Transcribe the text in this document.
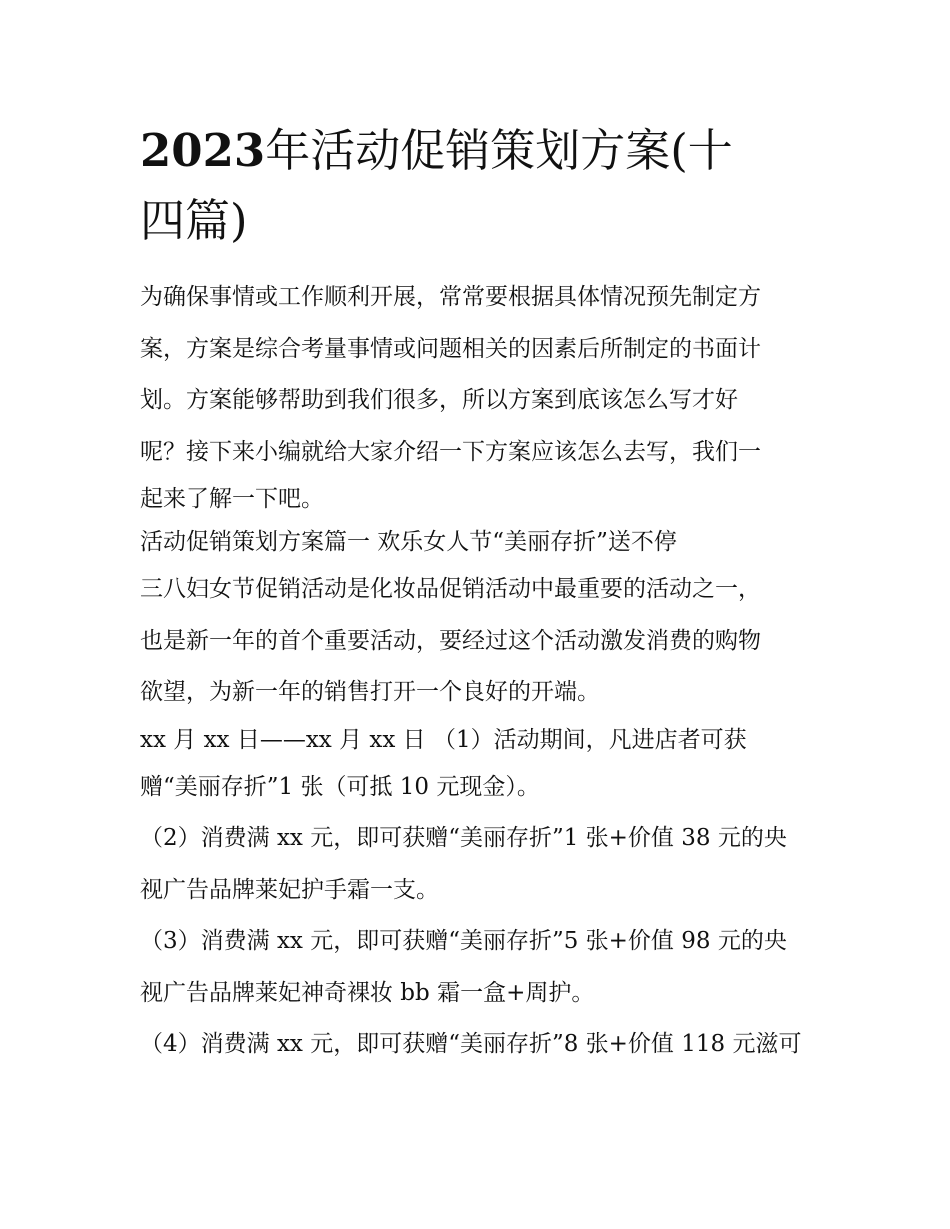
2023年活动促销策划方案(十
四篇)
为确保事情或工作顺利开展，常常要根据具体情况预先制定方
案，方案是综合考量事情或问题相关的因素后所制定的书面计
划。方案能够帮助到我们很多，所以方案到底该怎么写才好
呢？接下来小编就给大家介绍一下方案应该怎么去写，我们一
起来了解一下吧。
活动促销策划方案篇一 欢乐女人节“美丽存折”送不停
三八妇女节促销活动是化妆品促销活动中最重要的活动之一，
也是新一年的首个重要活动，要经过这个活动激发消费的购物
欲望，为新一年的销售打开一个良好的开端。
xx 月 xx 日——xx 月 xx 日 （1）活动期间，凡进店者可获
赠“美丽存折”1 张（可抵 10 元现金）。
（2）消费满 xx 元，即可获赠“美丽存折”1 张+价值 38 元的央
视广告品牌莱妃护手霜一支。
（3）消费满 xx 元，即可获赠“美丽存折”5 张+价值 98 元的央
视广告品牌莱妃神奇裸妆 bb 霜一盒+周护。
（4）消费满 xx 元，即可获赠“美丽存折”8 张+价值 118 元滋可
